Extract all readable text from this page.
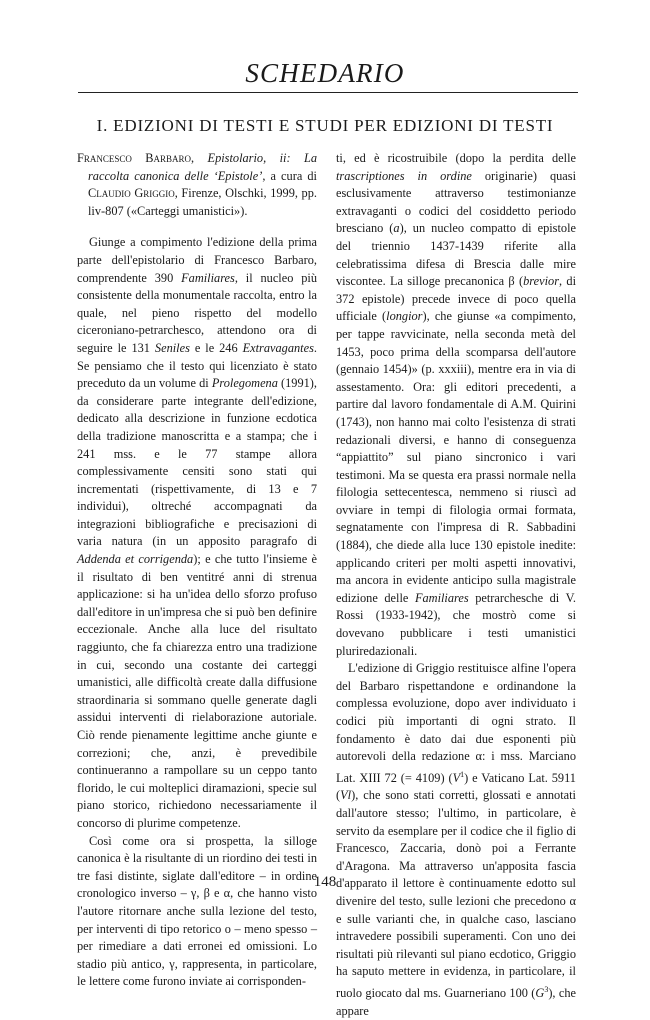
SCHEDARIO
I. EDIZIONI DI TESTI E STUDI PER EDIZIONI DI TESTI

Francesco Barbaro, Epistolario, ii: La raccolta canonica delle ‘Epistole’, a cura di Claudio Griggio, Firenze, Olschki, 1999, pp. liv-807 («Carteggi umanistici»).

Giunge a compimento l'edizione della prima parte dell'epistolario di Francesco Barbaro, comprendente 390 Familiares, il nucleo più consistente della monumentale raccolta, entro la quale, nel pieno rispetto del modello ciceroniano-petrarchesco, attendono ora di seguire le 131 Seniles e le 246 Extravagantes. Se pensiamo che il testo qui licenziato è stato preceduto da un volume di Prolegomena (1991), da considerare parte integrante dell'edizione, dedicato alla descrizione in funzione ecdotica della tradizione manoscritta e a stampa; che i 241 mss. e le 77 stampe allora complessivamente censiti sono stati qui incrementati (rispettivamente, di 13 e 7 individui), oltreché accompagnati da integrazioni bibliografiche e precisazioni di varia natura (in un apposito paragrafo di Addenda et corrigenda); e che tutto l'insieme è il risultato di ben ventitré anni di strenua applicazione: si ha un'idea dello sforzo profuso dall'editore in un'impresa che si può ben definire eccezionale. Anche alla luce del risultato raggiunto, che fa chiarezza entro una tradizione in cui, secondo una costante dei carteggi umanistici, alle difficoltà create dalla diffusione straordinaria si sommano quelle generate dagli assidui interventi di rielaborazione autoriale. Ciò rende pienamente legittime anche giunte e correzioni; che, anzi, è prevedibile continueranno a rampollare su un ceppo tanto florido, le cui molteplici diramazioni, specie sul piano storico, richiedono necessariamente il concorso di plurime competenze.

Così come ora si prospetta, la silloge canonica è la risultante di un riordino dei testi in tre fasi distinte, siglate dall'editore – in ordine cronologico inverso – γ, β e α, che hanno visto l'autore ritornare anche sulla lezione del testo, per interventi di tipo retorico o – meno spesso – per rimediare a dati erronei ed omissioni. Lo stadio più antico, γ, rappresenta, in particolare, le lettere come furono inviate ai corrisponden-

ti, ed è ricostruibile (dopo la perdita delle trascriptiones in ordine originarie) quasi esclusivamente attraverso testimonianze extravaganti o codici del cosiddetto periodo bresciano (a), un nucleo compatto di epistole del triennio 1437-1439 riferite alla celebratissima difesa di Brescia dalle mire viscontee. La silloge precanonica β (brevior, di 372 epistole) precede invece di poco quella ufficiale (longior), che giunse «a compimento, per tappe ravvicinate, nella seconda metà del 1453, poco prima della scomparsa dell'autore (gennaio 1454)» (p. xxxiii), mentre era in via di assestamento. Ora: gli editori precedenti, a partire dal lavoro fondamentale di A.M. Quirini (1743), non hanno mai colto l'esistenza di strati redazionali diversi, e hanno di conseguenza “appiattito” sul piano sincronico i vari testimoni. Ma se questa era prassi normale nella filologia settecentesca, nemmeno si riuscì ad ovviare in tempi di filologia ormai formata, segnatamente con l'impresa di R. Sabbadini (1884), che diede alla luce 130 epistole inedite: applicando criteri per molti aspetti innovativi, ma ancora in evidente anticipo sulla magistrale edizione delle Familiares petrarchesche di V. Rossi (1933-1942), che mostrò come si dovevano pubblicare i testi umanistici pluriredazionali.

L'edizione di Griggio restituisce alfine l'opera del Barbaro rispettandone e ordinandone la complessa evoluzione, dopo aver individuato i codici più importanti di ogni strato. Il fondamento è dato dai due esponenti più autorevoli della redazione α: i mss. Marciano Lat. XIII 72 (= 4109) $(V^1)$ e Vaticano Lat. 5911 (Vl), che sono stati corretti, glossati e annotati dall'autore stesso; l'ultimo, in particolare, è servito da esemplare per il codice che il figlio di Francesco, Zaccaria, donò poi a Ferrante d'Aragona. Ma attraverso un'apposita fascia d'apparato il lettore è continuamente edotto sul divenire del testo, sulle lezioni che precedono α e sulle varianti che, in qualche caso, lasciano intravedere possibili superamenti. Con uno dei risultati più rilevanti sul piano ecdotico, Griggio ha saputo mettere in evidenza, in particolare, il ruolo giocato dal ms. Guarneriano 100 $(G^3)$, che appare

148
